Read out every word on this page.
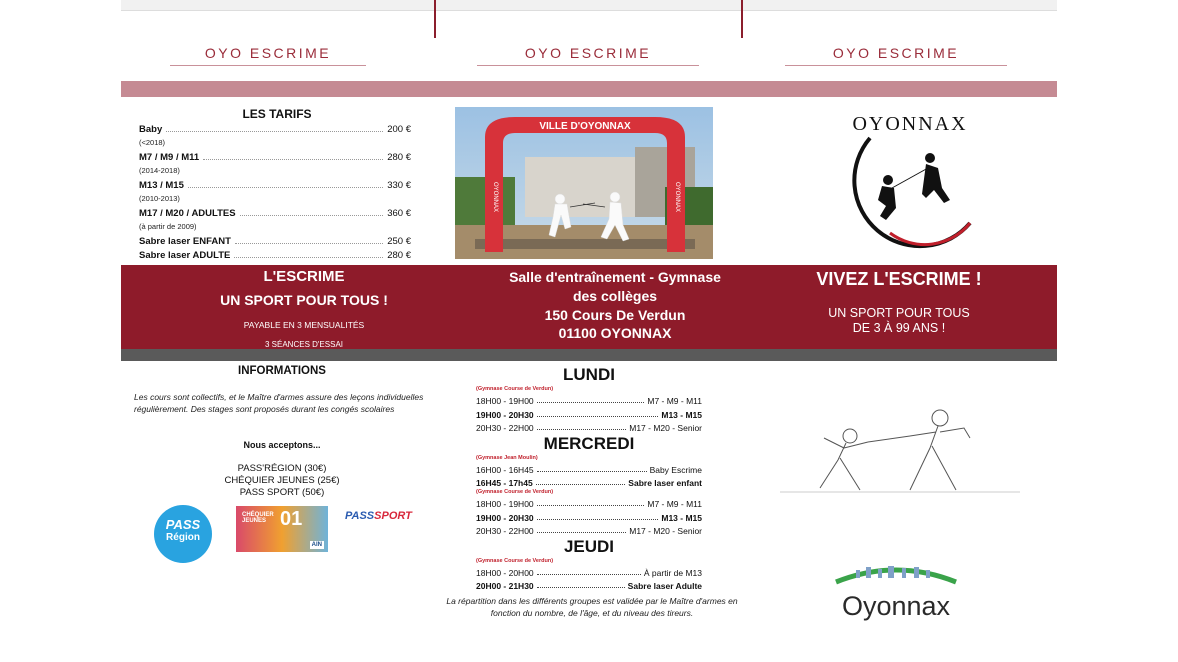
OYO ESCRIME	OYO ESCRIME	OYO ESCRIME
LES TARIFS
Baby	200 €
(<2018)
M7 / M9 / M11	280 €
(2014-2018)
M13 / M15	330 €
(2010-2013)
M17 / M20 / ADULTES	360 €
(à partir de 2009)
Sabre laser ENFANT	250 €
Sabre laser ADULTE	280 €
VILLE D'OYONNAX
OYONNAX	OYONNAX
OYONNAX
L'ESCRIME
UN SPORT POUR TOUS !
PAYABLE EN 3 MENSUALITÉS
3 SÉANCES D'ESSAI
Salle d'entraînement - Gymnase
des collèges
150 Cours De Verdun
01100 OYONNAX
VIVEZ L'ESCRIME !
UN SPORT POUR TOUS
DE 3 À 99 ANS !
INFORMATIONS
Les cours sont collectifs, et le Maître d'armes assure des leçons individuelles régulièrement. Des stages sont proposés durant les congés scolaires
Nous acceptons...
PASS'RÉGION (30€)
CHÉQUIER JEUNES (25€)
PASS SPORT (50€)
PASS
Région
CHÉQUIER JEUNES 01
AIN
PASSSPORT
LUNDI
(Gymnase Course de Verdun)
18H00 - 19H00	M7 - M9 - M11
19H00 - 20H30	M13 - M15
20H30 - 22H00	M17 - M20 - Senior
MERCREDI
(Gymnase Jean Moulin)
16H00 - 16H45	Baby Escrime
16H45 - 17h45	Sabre laser enfant
(Gymnase Course de Verdun)
18H00 - 19H00	M7 - M9 - M11
19H00 - 20H30	M13 - M15
20H30 - 22H00	M17 - M20 - Senior
JEUDI
(Gymnase Course de Verdun)
18H00 - 20H00	À partir de M13
20H00 - 21H30	Sabre laser Adulte
La répartition dans les différents groupes est validée par le Maître d'armes en fonction du nombre, de l'âge, et du niveau des tireurs.	Oyonnax
